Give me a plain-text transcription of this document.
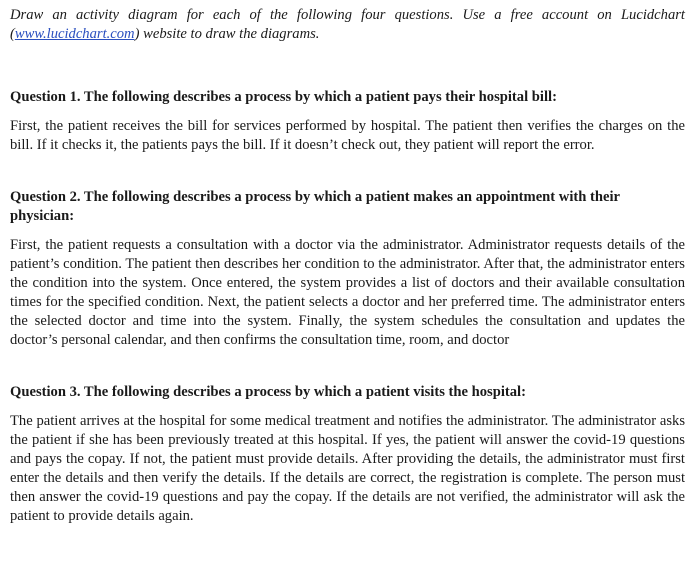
Draw an activity diagram for each of the following four questions. Use a free account on Lucidchart (www.lucidchart.com) website to draw the diagrams.

Question 1. The following describes a process by which a patient pays their hospital bill:

First, the patient receives the bill for services performed by hospital. The patient then verifies the charges on the bill. If it checks it, the patients pays the bill. If it doesn’t check out, they patient will report the error.

Question 2. The following describes a process by which a patient makes an appointment with their physician:

First, the patient requests a consultation with a doctor via the administrator. Administrator requests details of the patient’s condition. The patient then describes her condition to the administrator. After that, the administrator enters the condition into the system. Once entered, the system provides a list of doctors and their available consultation times for the specified condition. Next, the patient selects a doctor and her preferred time. The administrator enters the selected doctor and time into the system. Finally, the system schedules the consultation and updates the doctor’s personal calendar, and then confirms the consultation time, room, and doctor

Question 3. The following describes a process by which a patient visits the hospital:

The patient arrives at the hospital for some medical treatment and notifies the administrator. The administrator asks the patient if she has been previously treated at this hospital. If yes, the patient will answer the covid-19 questions and pays the copay. If not, the patient must provide details. After providing the details, the administrator must first enter the details and then verify the details. If the details are correct, the registration is complete. The person must then answer the covid-19 questions and pay the copay. If the details are not verified, the administrator will ask the patient to provide details again.
